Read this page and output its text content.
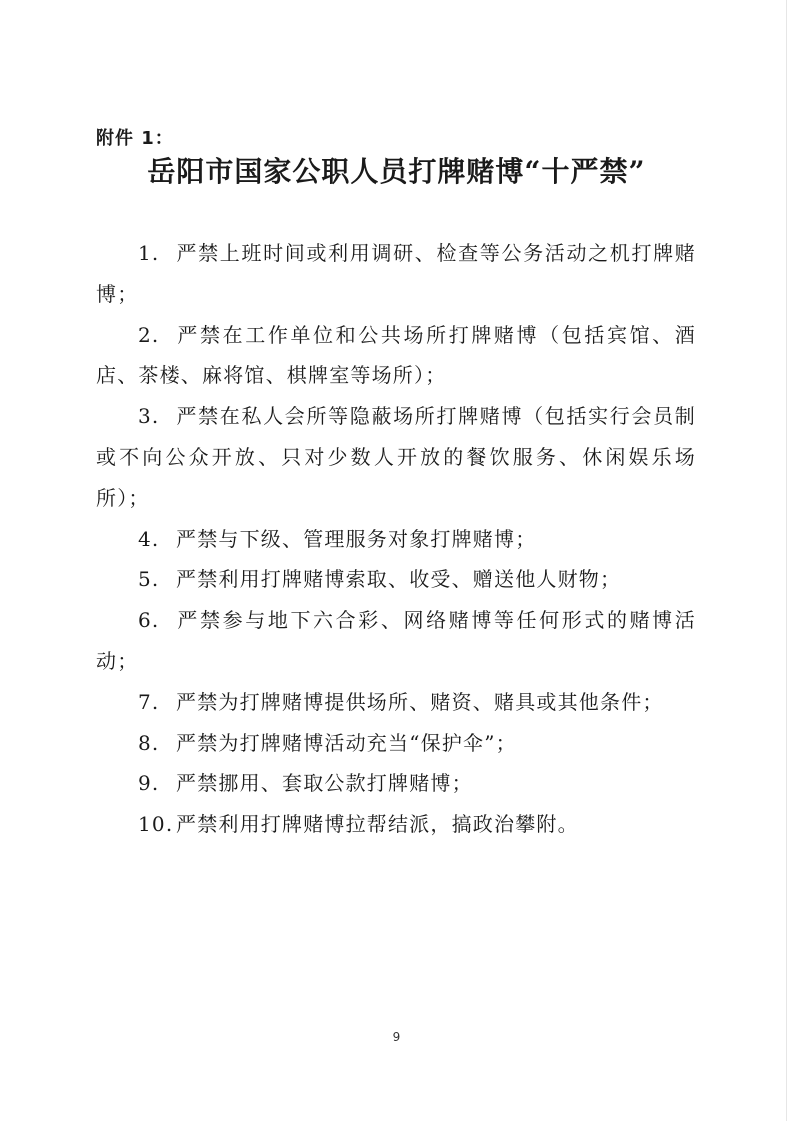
附件 1：
岳阳市国家公职人员打牌赌博“十严禁”
1. 严禁上班时间或利用调研、检查等公务活动之机打牌赌博；
2. 严禁在工作单位和公共场所打牌赌博（包括宾馆、酒店、茶楼、麻将馆、棋牌室等场所）；
3. 严禁在私人会所等隐蔽场所打牌赌博（包括实行会员制或不向公众开放、只对少数人开放的餐饮服务、休闲娱乐场所）；
4. 严禁与下级、管理服务对象打牌赌博；
5. 严禁利用打牌赌博索取、收受、赠送他人财物；
6. 严禁参与地下六合彩、网络赌博等任何形式的赌博活动；
7. 严禁为打牌赌博提供场所、赌资、赌具或其他条件；
8. 严禁为打牌赌博活动充当“保护伞”；
9. 严禁挪用、套取公款打牌赌博；
10. 严禁利用打牌赌博拉帮结派，搞政治攀附。
9
